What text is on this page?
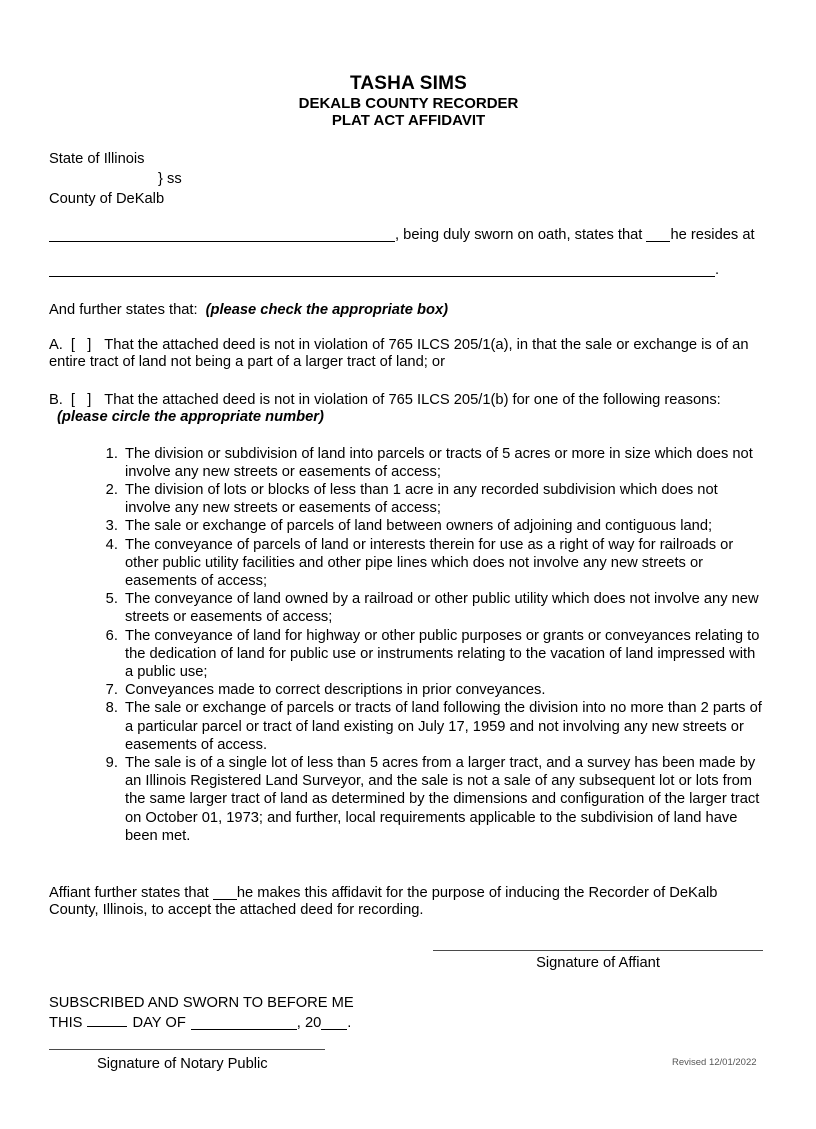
TASHA SIMS
DEKALB COUNTY RECORDER
PLAT ACT AFFIDAVIT
State of Illinois
} ss
County of DeKalb

, being duly sworn on oath, states that he resides at

.

And further states that: (please check the appropriate box)

A. [   ] That the attached deed is not in violation of 765 ILCS 205/1(a), in that the sale or exchange is of an entire tract of land not being a part of a larger tract of land; or

B. [   ] That the attached deed is not in violation of 765 ILCS 205/1(b) for one of the following reasons:(please circle the appropriate number)

1. The division or subdivision of land into parcels or tracts of 5 acres or more in size which does not involve any new streets or easements of access;
2. The division of lots or blocks of less than 1 acre in any recorded subdivision which does not involve any new streets or easements of access;
3. The sale or exchange of parcels of land between owners of adjoining and contiguous land;
4. The conveyance of parcels of land or interests therein for use as a right of way for railroads or other public utility facilities and other pipe lines which does not involve any new streets or easements of access;
5. The conveyance of land owned by a railroad or other public utility which does not involve any new streets or easements of access;
6. The conveyance of land for highway or other public purposes or grants or conveyances relating to the dedication of land for public use or instruments relating to the vacation of land impressed with a public use;
7. Conveyances made to correct descriptions in prior conveyances.
8. The sale or exchange of parcels or tracts of land following the division into no more than 2 parts of a particular parcel or tract of land existing on July 17, 1959 and not involving any new streets or easements of access.
9. The sale is of a single lot of less than 5 acres from a larger tract, and a survey has been made by an Illinois Registered Land Surveyor, and the sale is not a sale of any subsequent lot or lots from the same larger tract of land as determined by the dimensions and configuration of the larger tract on October 01, 1973; and further, local requirements applicable to the subdivision of land have been met.

Affiant further states that he makes this affidavit for the purpose of inducing the Recorder of DeKalb County, Illinois, to accept the attached deed for recording.

Signature of Affiant

SUBSCRIBED AND SWORN TO BEFORE ME

THIS	DAY OF	, 20 .

Signature of Notary Public	Revised 12/01/2022
